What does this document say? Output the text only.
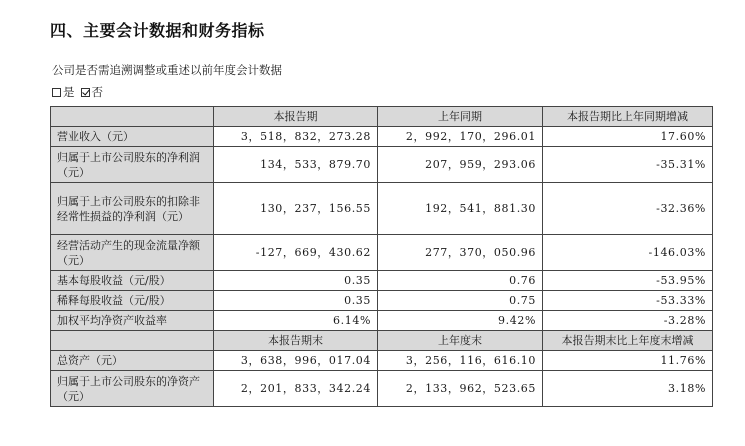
四、主要会计数据和财务指标
公司是否需追溯调整或重述以前年度会计数据
是 否
	本报告期	上年同期	本报告期比上年同期增减
营业收入（元）	3，518，832，273.28	2，992，170，296.01	17.60%
归属于上市公司股东的净利润（元）	134，533，879.70	207，959，293.06	-35.31%
归属于上市公司股东的扣除非经常性损益的净利润（元）	130，237，156.55	192，541，881.30	-32.36%
经营活动产生的现金流量净额（元）	-127，669，430.62	277，370，050.96	-146.03%
基本每股收益（元/股）	0.35	0.76	-53.95%
稀释每股收益（元/股）	0.35	0.75	-53.33%
加权平均净资产收益率	6.14%	9.42%	-3.28%
	本报告期末	上年度末	本报告期末比上年度末增减
总资产（元）	3，638，996，017.04	3，256，116，616.10	11.76%
归属于上市公司股东的净资产（元）	2，201，833，342.24	2，133，962，523.65	3.18%
